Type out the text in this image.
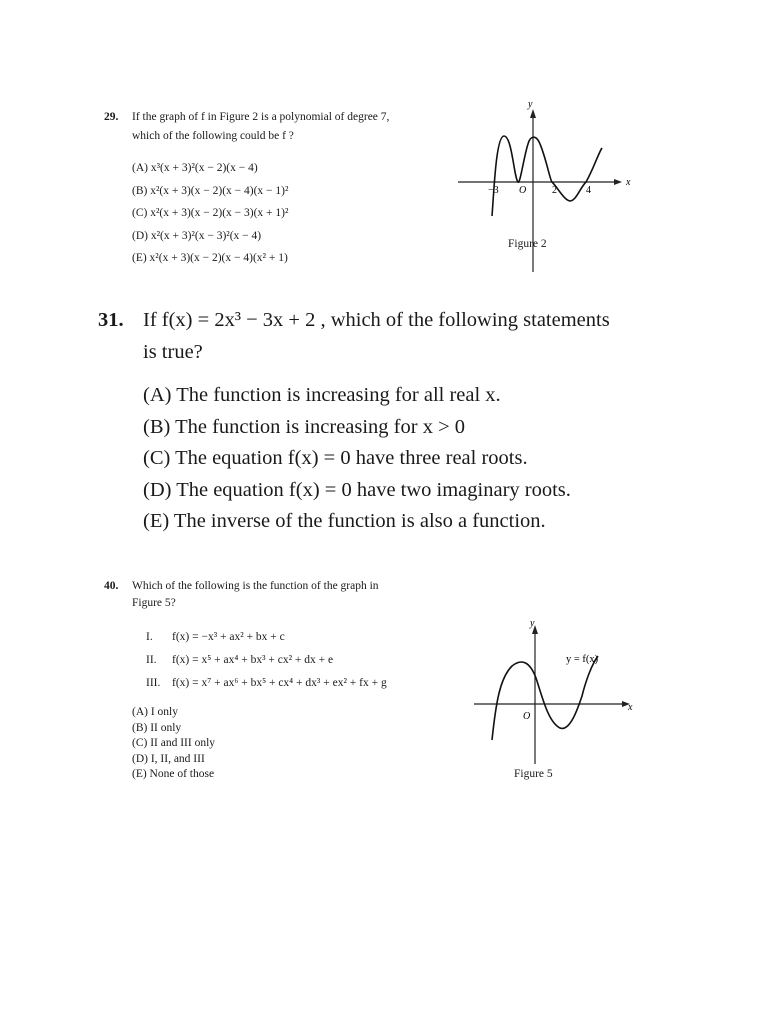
29.	If the graph of f in Figure 2 is a polynomial of degree 7,
which of the following could be f ?
(A) x³(x + 3)²(x − 2)(x − 4)
(B) x²(x + 3)(x − 2)(x − 4)(x − 1)²
(C) x²(x + 3)(x − 2)(x − 3)(x + 1)²
(D) x²(x + 3)²(x − 3)²(x − 4)
(E) x²(x + 3)(x − 2)(x − 4)(x² + 1)
x
y
−3 O	2	4
Figure 2
31. If f(x) = 2x³ − 3x + 2 , which of the following statements
is true?
(A) The function is increasing for all real x.
(B) The function is increasing for x > 0
(C) The equation f(x) = 0 have three real roots.
(D) The equation f(x) = 0 have two imaginary roots.
(E) The inverse of the function is also a function.
40.	Which of the following is the function of the graph in
Figure 5?
I. f(x) = −x³ + ax² + bx + c
II. f(x) = x⁵ + ax⁴ + bx³ + cx² + dx + e
III. f(x) = x⁷ + ax⁶ + bx⁵ + cx⁴ + dx³ + ex² + fx + g
(A) I only
(B) II only
(C) II and III only
(D) I, II, and III
(E) None of those
x
y
O
y = f(x)
Figure 5
